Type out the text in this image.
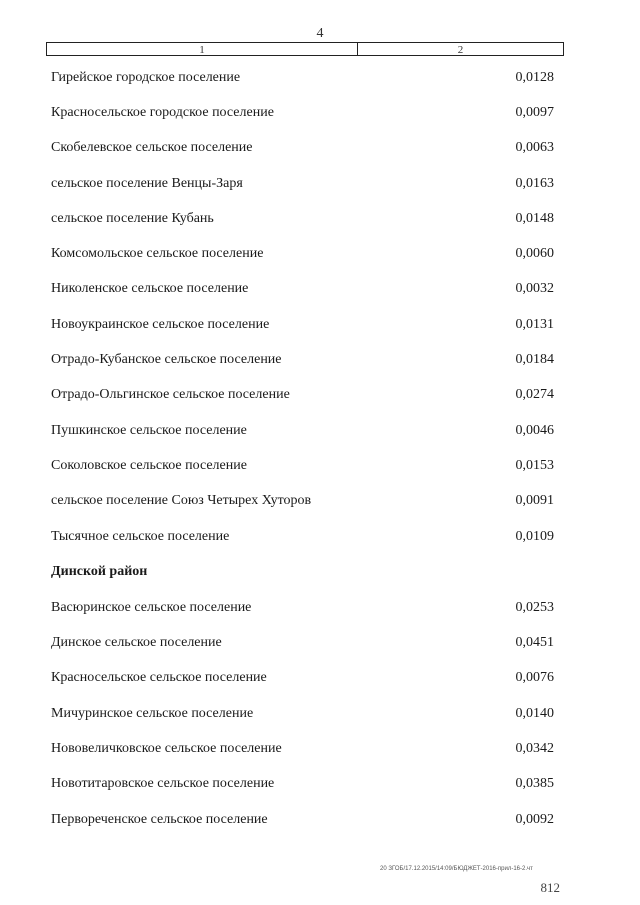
4
1	2
Гирейское городское поселение	0,0128
Красносельское городское поселение	0,0097
Скобелевское сельское поселение	0,0063
сельское поселение Венцы-Заря	0,0163
сельское поселение Кубань	0,0148
Комсомольское сельское поселение	0,0060
Николенское сельское поселение	0,0032
Новоукраинское сельское поселение	0,0131
Отрадо-Кубанское сельское поселение	0,0184
Отрадо-Ольгинское сельское поселение	0,0274
Пушкинское сельское поселение	0,0046
Соколовское сельское поселение	0,0153
сельское поселение Союз Четырех Хуторов	0,0091
Тысячное сельское поселение	0,0109
Динской район
Васюринское сельское поселение	0,0253
Динское сельское поселение	0,0451
Красносельское сельское поселение	0,0076
Мичуринское сельское поселение	0,0140
Нововеличковское сельское поселение	0,0342
Новотитаровское сельское поселение	0,0385
Первореченское сельское поселение	0,0092
20 ЗГОБ/17.12.2015/14:09/БЮДЖЕТ-2016-прил-16-2.чт
812
